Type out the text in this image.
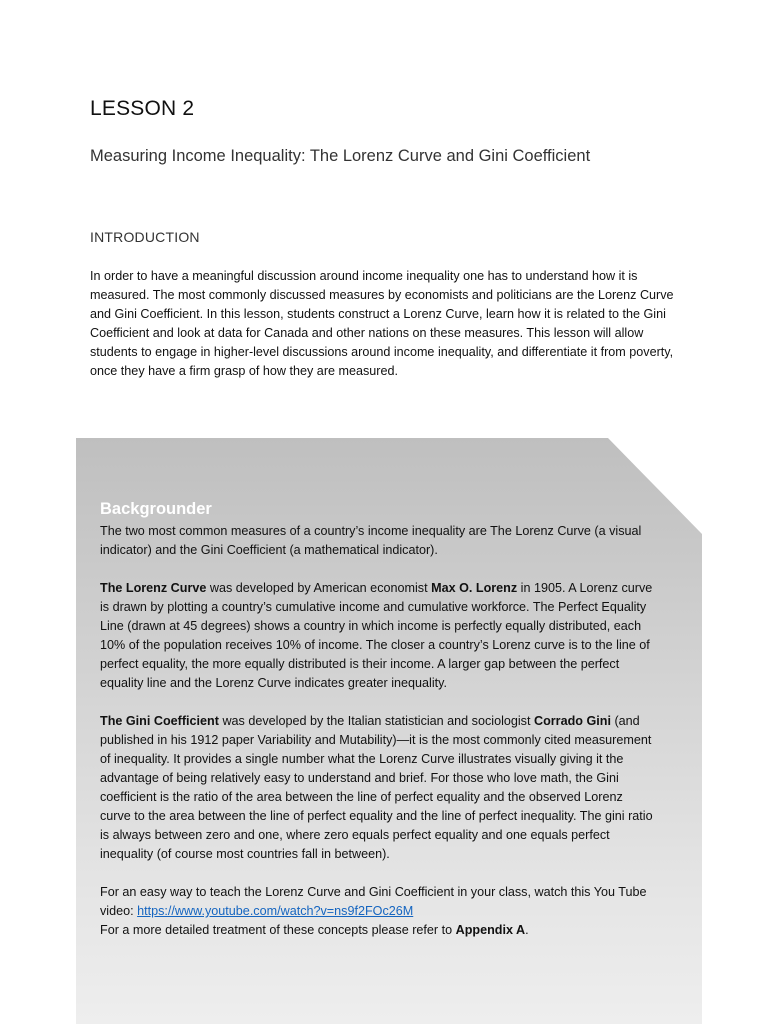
LESSON 2
Measuring Income Inequality: The Lorenz Curve and Gini Coefficient
INTRODUCTION

In order to have a meaningful discussion around income inequality one has to understand how it is measured. The most commonly discussed measures by economists and politicians are the Lorenz Curve and Gini Coefficient. In this lesson, students construct a Lorenz Curve, learn how it is related to the Gini Coefficient and look at data for Canada and other nations on these measures. This lesson will allow students to engage in higher-level discussions around income inequality, and differentiate it from poverty, once they have a firm grasp of how they are measured.

Backgrounder

The two most common measures of a country’s income inequality are The Lorenz Curve (a visual indicator) and the Gini Coefficient (a mathematical indicator).

The Lorenz Curve was developed by American economist Max O. Lorenz in 1905. A Lorenz curve is drawn by plotting a country’s cumulative income and cumulative workforce. The Perfect Equality Line (drawn at 45 degrees) shows a country in which income is perfectly equally distributed, each 10% of the population receives 10% of income. The closer a country’s Lorenz curve is to the line of perfect equality, the more equally distributed is their income. A larger gap between the perfect equality line and the Lorenz Curve indicates greater inequality.

The Gini Coefficient was developed by the Italian statistician and sociologist Corrado Gini (and published in his 1912 paper Variability and Mutability)—it is the most commonly cited measurement of inequality. It provides a single number what the Lorenz Curve illustrates visually giving it the advantage of being relatively easy to understand and brief. For those who love math, the Gini coefficient is the ratio of the area between the line of perfect equality and the observed Lorenz curve to the area between the line of perfect equality and the line of perfect inequality. The gini ratio is always between zero and one, where zero equals perfect equality and one equals perfect inequality (of course most countries fall in between).

For an easy way to teach the Lorenz Curve and Gini Coefficient in your class, watch this You Tube video: https://www.youtube.com/watch?v=ns9f2FOc26M

For a more detailed treatment of these concepts please refer to Appendix A.
